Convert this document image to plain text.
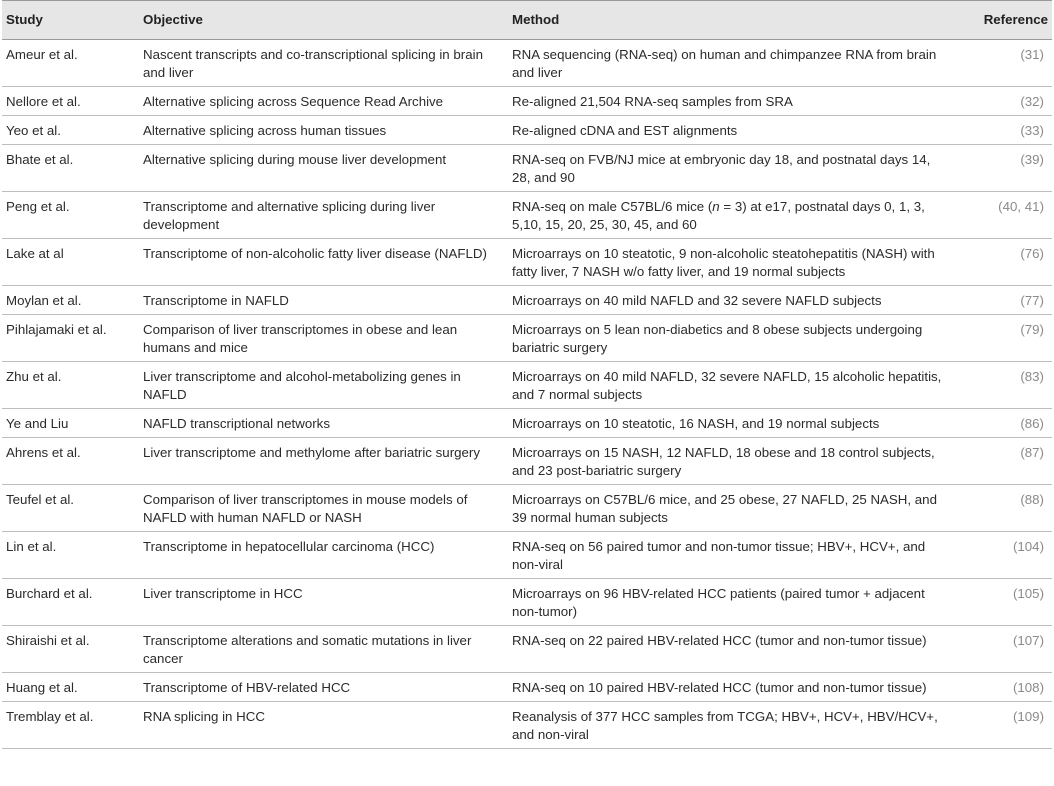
Study	Objective	Method	Reference
Ameur et al.	Nascent transcripts and co-transcriptional splicing in brain and liver	RNA sequencing (RNA-seq) on human and chimpanzee RNA from brain and liver	(31)
Nellore et al.	Alternative splicing across Sequence Read Archive	Re-aligned 21,504 RNA-seq samples from SRA	(32)
Yeo et al.	Alternative splicing across human tissues	Re-aligned cDNA and EST alignments	(33)
Bhate et al.	Alternative splicing during mouse liver development	RNA-seq on FVB/NJ mice at embryonic day 18, and postnatal days 14, 28, and 90	(39)
Peng et al.	Transcriptome and alternative splicing during liver development	RNA-seq on male C57BL/6 mice (n = 3) at e17, postnatal days 0, 1, 3, 5,10, 15, 20, 25, 30, 45, and 60	(40, 41)
Lake at al	Transcriptome of non-alcoholic fatty liver disease (NAFLD)	Microarrays on 10 steatotic, 9 non-alcoholic steatohepatitis (NASH) with fatty liver, 7 NASH w/o fatty liver, and 19 normal subjects	(76)
Moylan et al.	Transcriptome in NAFLD	Microarrays on 40 mild NAFLD and 32 severe NAFLD subjects	(77)
Pihlajamaki et al.	Comparison of liver transcriptomes in obese and lean humans and mice	Microarrays on 5 lean non-diabetics and 8 obese subjects undergoing bariatric surgery	(79)
Zhu et al.	Liver transcriptome and alcohol-metabolizing genes in NAFLD	Microarrays on 40 mild NAFLD, 32 severe NAFLD, 15 alcoholic hepatitis, and 7 normal subjects	(83)
Ye and Liu	NAFLD transcriptional networks	Microarrays on 10 steatotic, 16 NASH, and 19 normal subjects	(86)
Ahrens et al.	Liver transcriptome and methylome after bariatric surgery	Microarrays on 15 NASH, 12 NAFLD, 18 obese and 18 control subjects, and 23 post-bariatric surgery	(87)
Teufel et al.	Comparison of liver transcriptomes in mouse models of NAFLD with human NAFLD or NASH	Microarrays on C57BL/6 mice, and 25 obese, 27 NAFLD, 25 NASH, and 39 normal human subjects	(88)
Lin et al.	Transcriptome in hepatocellular carcinoma (HCC)	RNA-seq on 56 paired tumor and non-tumor tissue; HBV+, HCV+, and non-viral	(104)
Burchard et al.	Liver transcriptome in HCC	Microarrays on 96 HBV-related HCC patients (paired tumor + adjacent non-tumor)	(105)
Shiraishi et al.	Transcriptome alterations and somatic mutations in liver cancer	RNA-seq on 22 paired HBV-related HCC (tumor and non-tumor tissue)	(107)
Huang et al.	Transcriptome of HBV-related HCC	RNA-seq on 10 paired HBV-related HCC (tumor and non-tumor tissue)	(108)
Tremblay et al.	RNA splicing in HCC	Reanalysis of 377 HCC samples from TCGA; HBV+, HCV+, HBV/HCV+, and non-viral	(109)
